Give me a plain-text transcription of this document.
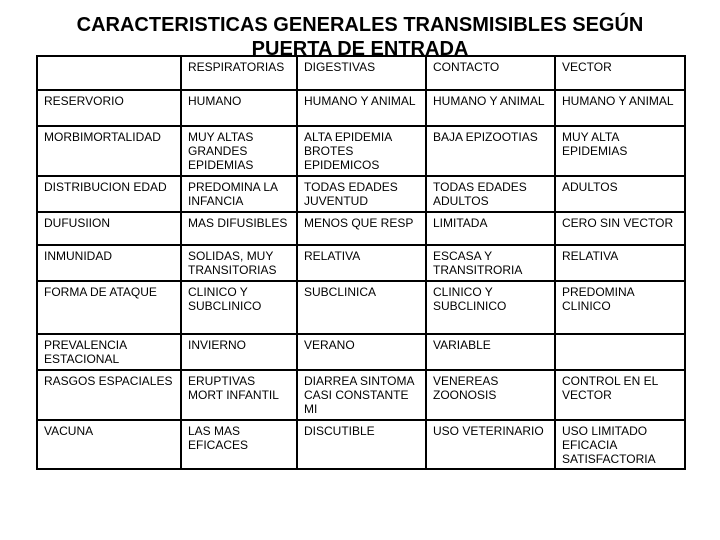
CARACTERISTICAS GENERALES TRANSMISIBLES SEGÚN
PUERTA DE ENTRADA
	RESPIRATORIAS	DIGESTIVAS	CONTACTO	VECTOR
RESERVORIO	HUMANO	HUMANO Y ANIMAL	HUMANO Y ANIMAL	HUMANO Y ANIMAL
MORBIMORTALIDAD	MUY ALTAS GRANDES EPIDEMIAS	ALTA EPIDEMIA BROTES EPIDEMICOS	BAJA EPIZOOTIAS	MUY ALTA EPIDEMIAS
DISTRIBUCION EDAD	PREDOMINA LA INFANCIA	TODAS EDADES JUVENTUD	TODAS EDADES ADULTOS	ADULTOS
DUFUSIION	MAS DIFUSIBLES	MENOS QUE RESP	LIMITADA	CERO SIN VECTOR
INMUNIDAD	SOLIDAS, MUY TRANSITORIAS	RELATIVA	ESCASA Y TRANSITRORIA	RELATIVA
FORMA DE ATAQUE	CLINICO Y SUBCLINICO	SUBCLINICA	CLINICO Y SUBCLINICO	PREDOMINA CLINICO
PREVALENCIA ESTACIONAL	INVIERNO	VERANO	VARIABLE	
RASGOS ESPACIALES	ERUPTIVAS MORT INFANTIL	DIARREA SINTOMA CASI CONSTANTE MI	VENEREAS ZOONOSIS	CONTROL EN EL VECTOR
VACUNA	LAS MAS EFICACES	DISCUTIBLE	USO VETERINARIO	USO LIMITADO EFICACIA SATISFACTORIA
